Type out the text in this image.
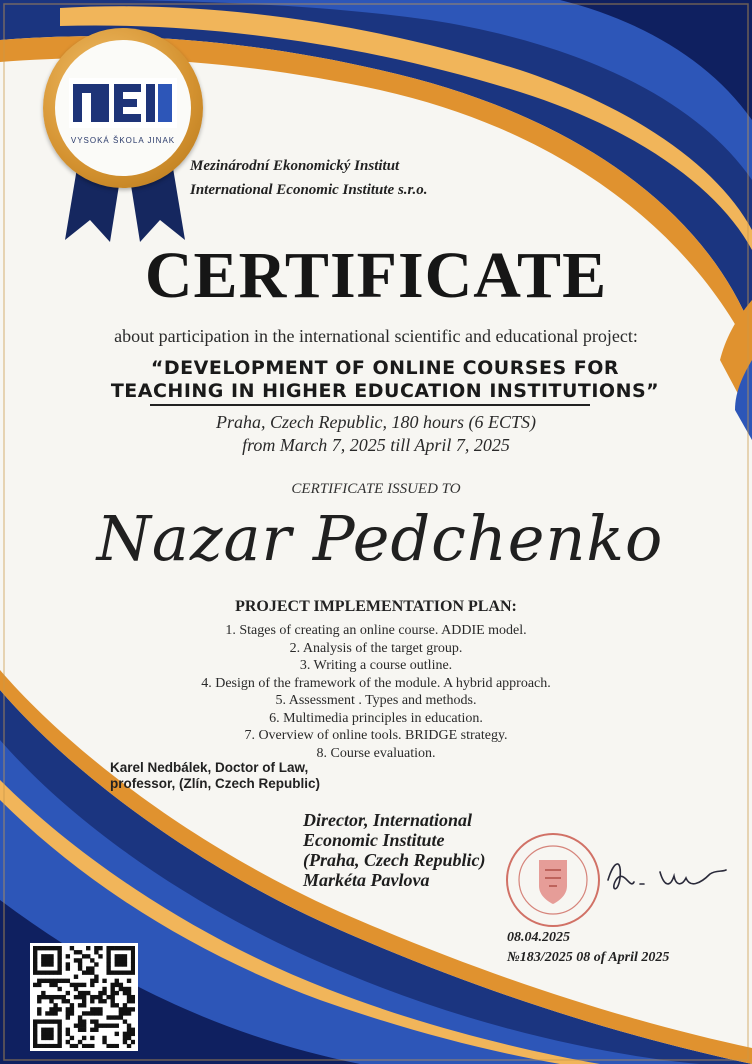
VYSOKÁ ŠKOLA JINAK
Mezinárodní Ekonomický Institut
International Economic Institute s.r.o.
CERTIFICATE
about participation in the international scientific and educational project:
“DEVELOPMENT OF ONLINE COURSES FOR
TEACHING IN HIGHER EDUCATION INSTITUTIONS”
Praha, Czech Republic, 180 hours (6 ECTS)
from March 7, 2025 till April 7, 2025
CERTIFICATE ISSUED TO
Nazar Pedchenko
PROJECT IMPLEMENTATION PLAN:
1. Stages of creating an online course. ADDIE model.
2. Analysis of the target group.
3. Writing a course outline.
4. Design of the framework of the module. A hybrid approach.
5. Assessment . Types and methods.
6. Multimedia principles in education.
7. Overview of online tools. BRIDGE strategy.
8. Course evaluation.
Karel Nedbálek, Doctor of Law,
professor, (Zlín, Czech Republic)
Director, International
Economic Institute
(Praha, Czech Republic)
Markéta Pavlova
08.04.2025
№183/2025 08 of April 2025
